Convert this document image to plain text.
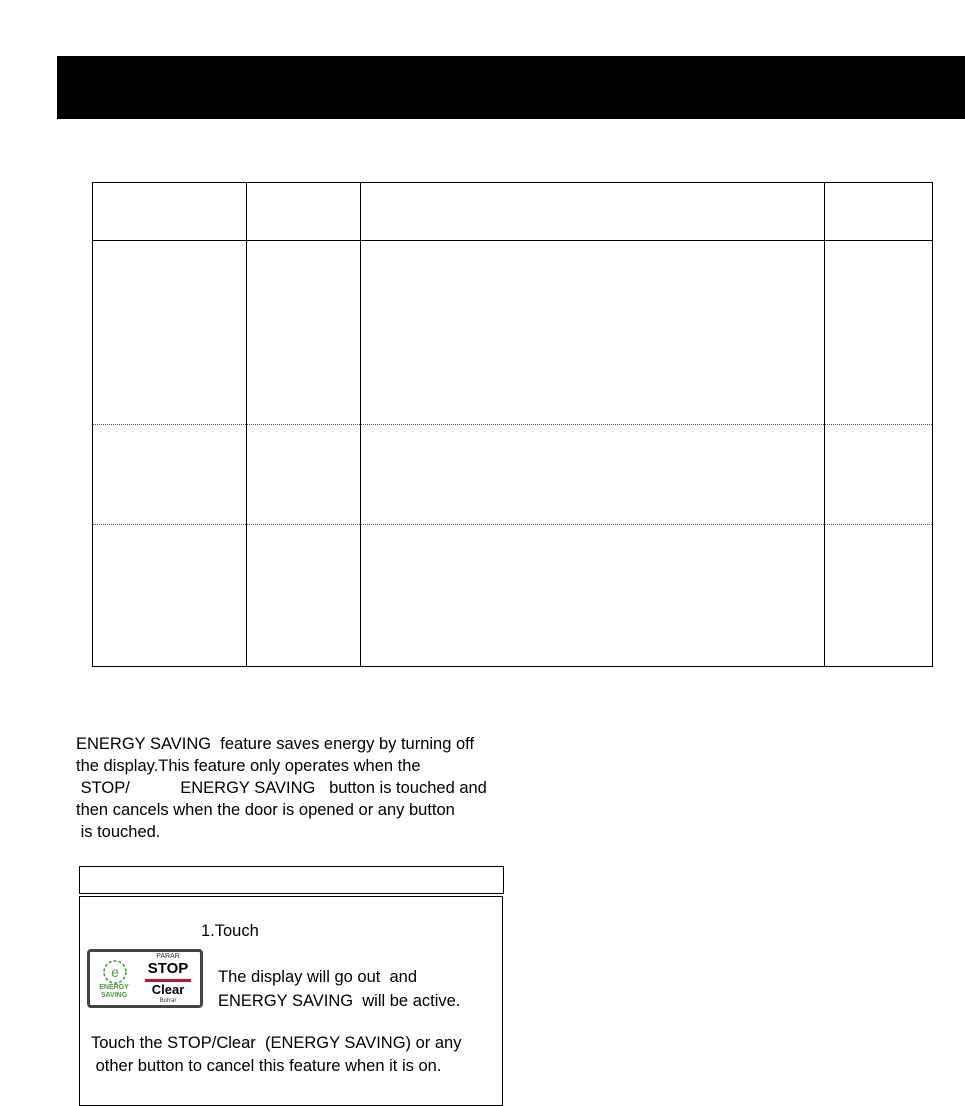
ENERGY SAVING  feature saves energy by turning off
the display.This feature only operates when the
STOP/           ENERGY SAVING   button is touched and
then cancels when the door is opened or any button
is touched.
1.Touch
e
ENERGY
SAVING
PARAR
STOP
Clear
Borrar
The display will go out  and
ENERGY SAVING  will be active.
Touch the STOP/Clear  (ENERGY SAVING) or any
other button to cancel this feature when it is on.
